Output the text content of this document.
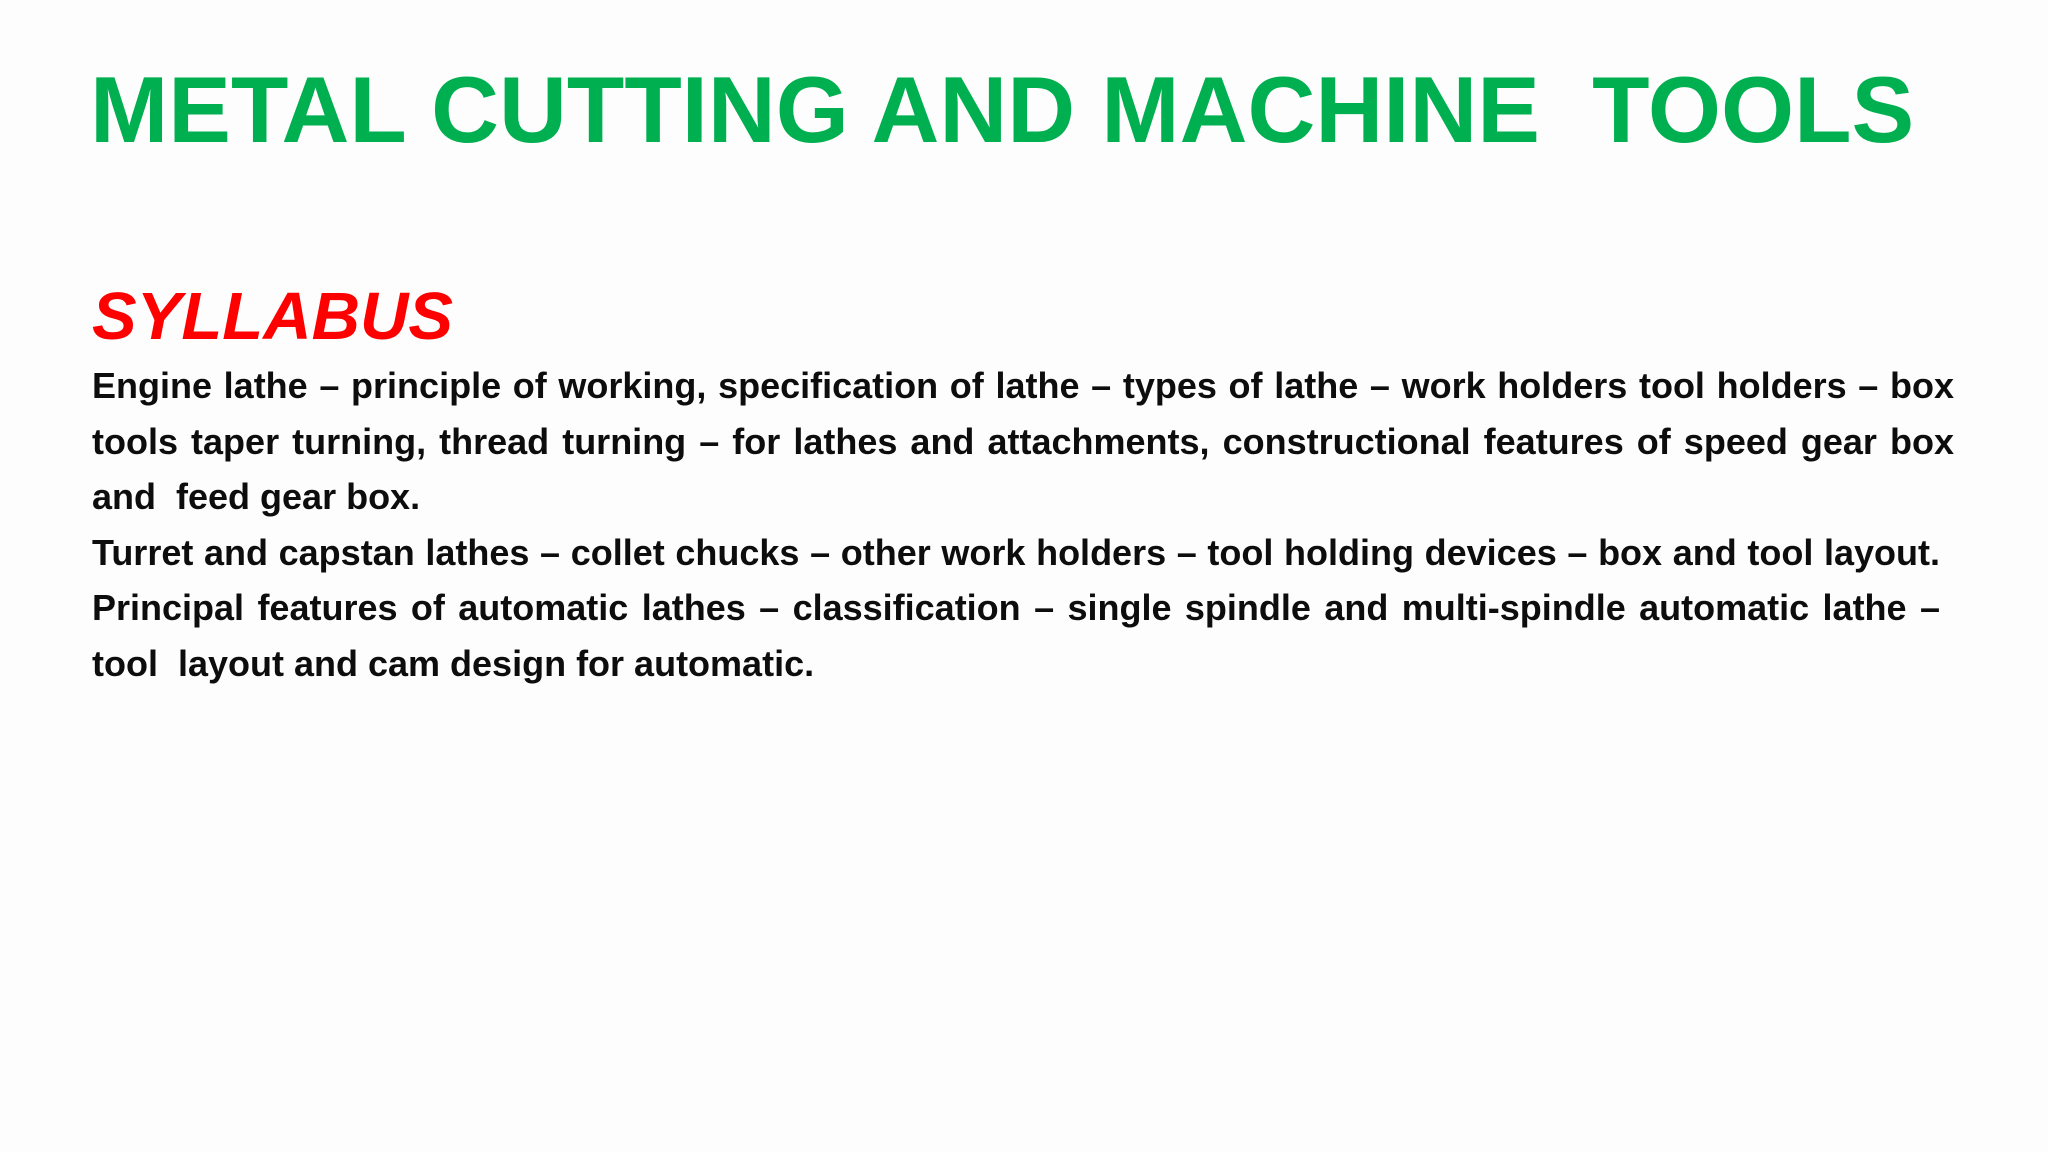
METAL CUTTING AND MACHINE  TOOLS
SYLLABUS

Engine lathe – principle of working, specification of lathe – types of lathe – work holders tool holders – box  tools taper turning, thread turning – for lathes and attachments, constructional features of speed gear box and  feed gear box.

Turret and capstan lathes – collet chucks – other work holders – tool holding devices – box and tool layout.  Principal features of automatic lathes – classification – single spindle and multi-spindle automatic lathe – tool  layout and cam design for automatic.
